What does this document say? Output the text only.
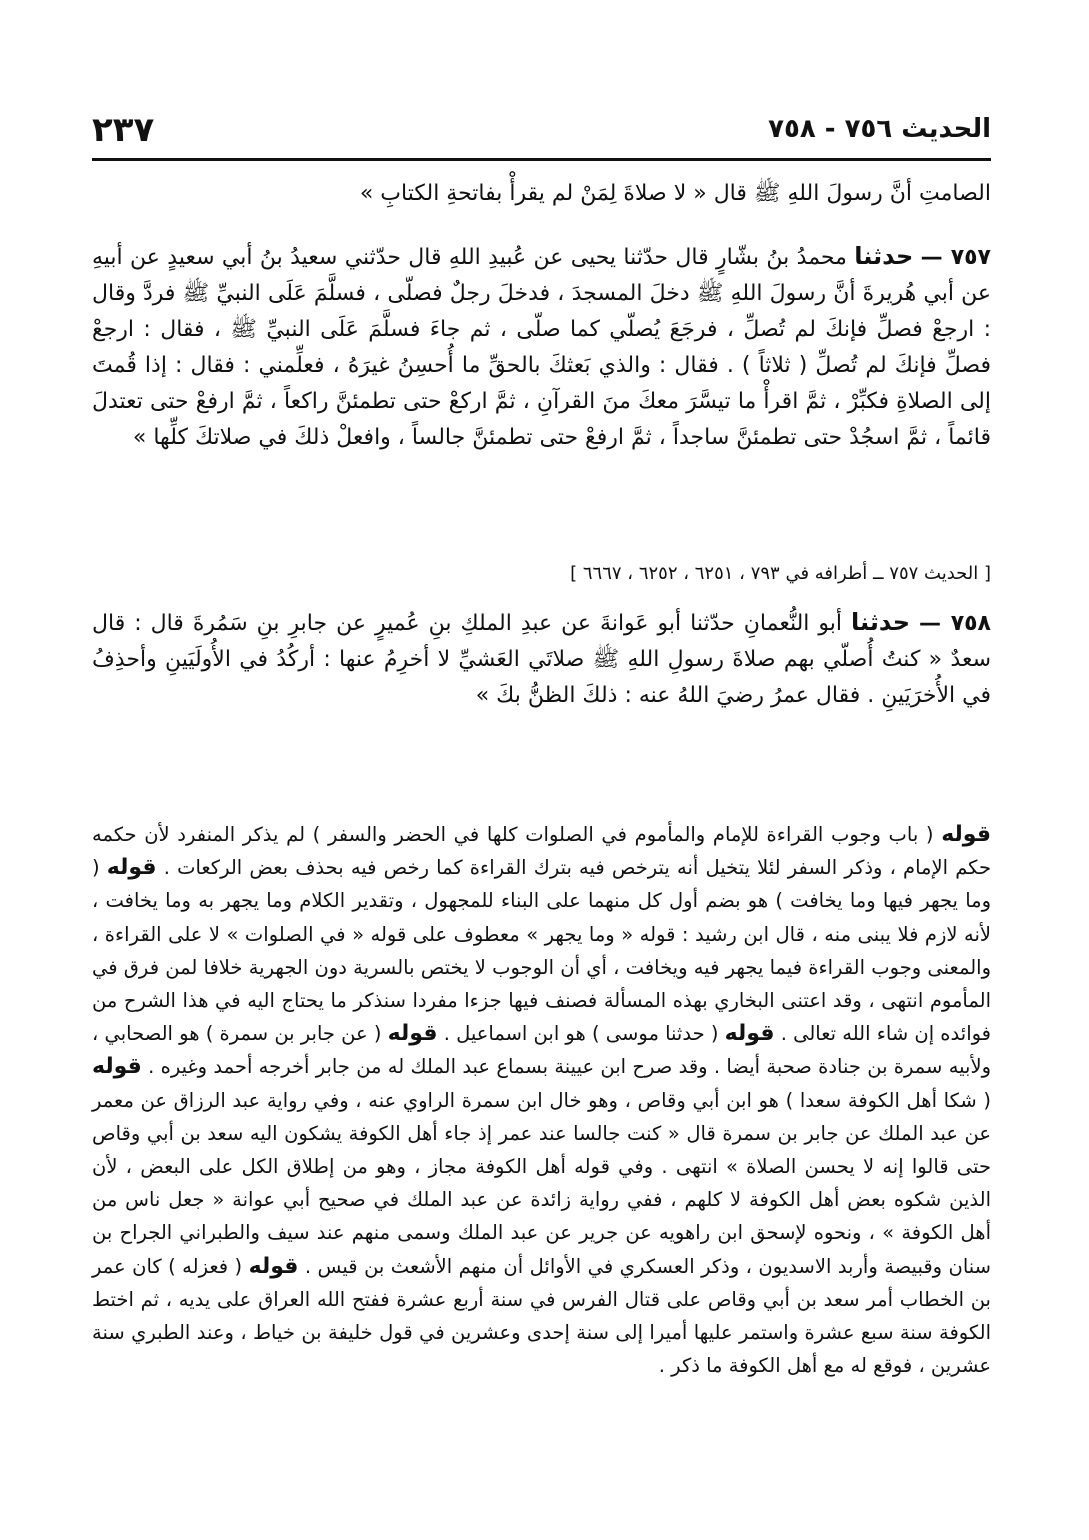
الحديث ٧٥٦ - ٧٥٨
٢٣٧
الصامتِ أنَّ رسولَ اللهِ ﷺ قال « لا صلاةَ لِمَنْ لم يقرأْ بفاتحةِ الكتابِ »
٧٥٧ — حدثنا محمدُ بنُ بشّارٍ قال حدّثنا يحيى عن عُبيدِ اللهِ قال حدّثني سعيدُ بنُ أبي سعيدٍ عن أبيهِ عن أبي هُريرةَ أنَّ رسولَ اللهِ ﷺ دخلَ المسجدَ ، فدخلَ رجلٌ فصلّى ، فسلَّمَ عَلَى النبيِّ ﷺ فردَّ وقال : ارجعْ فصلِّ فإنكَ لم تُصلِّ ، فرجَعَ يُصلّي كما صلّى ، ثم جاءَ فسلَّمَ عَلَى النبيِّ ﷺ ، فقال : ارجعْ فصلِّ فإنكَ لم تُصلِّ ( ثلاثاً ) . فقال : والذي بَعثكَ بالحقِّ ما أُحسِنُ غيرَهُ ، فعلِّمني : فقال : إذا قُمتَ إلى الصلاةِ فكبِّرْ ، ثمَّ اقرأْ ما تيسَّرَ معكَ منَ القرآنِ ، ثمَّ اركعْ حتى تطمئنَّ راكعاً ، ثمَّ ارفعْ حتى تعتدلَ قائماً ، ثمَّ اسجُدْ حتى تطمئنَّ ساجداً ، ثمَّ ارفعْ حتى تطمئنَّ جالساً ، وافعلْ ذلكَ في صلاتكَ كلِّها »
[ الحديث ٧٥٧ ــ أطرافه في ٧٩٣ ، ٦٢٥١ ، ٦٢٥٢ ، ٦٦٦٧ ]
٧٥٨ — حدثنا أبو النُّعمانِ حدّثنا أبو عَوانةَ عن عبدِ الملكِ بنِ عُميرٍ عن جابرِ بنِ سَمُرةَ قال : قال سعدٌ « كنتُ أُصلّي بهم صلاةَ رسولِ اللهِ ﷺ صلاتَي العَشيِّ لا أخرِمُ عنها : أركُدُ في الأُولَيَينِ وأحذِفُ في الأُخرَيَينِ . فقال عمرُ رضيَ اللهُ عنه : ذلكَ الظنُّ بكَ »
قوله ( باب وجوب القراءة للإمام والمأموم في الصلوات كلها في الحضر والسفر ) لم يذكر المنفرد لأن حكمه حكم الإمام ، وذكر السفر لئلا يتخيل أنه يترخص فيه بترك القراءة كما رخص فيه بحذف بعض الركعات . قوله ( وما يجهر فيها وما يخافت ) هو بضم أول كل منهما على البناء للمجهول ، وتقدير الكلام وما يجهر به وما يخافت ، لأنه لازم فلا يبنى منه ، قال ابن رشيد : قوله « وما يجهر » معطوف على قوله « في الصلوات » لا على القراءة ، والمعنى وجوب القراءة فيما يجهر فيه ويخافت ، أي أن الوجوب لا يختص بالسرية دون الجهرية خلافا لمن فرق في المأموم انتهى ، وقد اعتنى البخاري بهذه المسألة فصنف فيها جزءا مفردا سنذكر ما يحتاج اليه في هذا الشرح من فوائده إن شاء الله تعالى . قوله ( حدثنا موسى ) هو ابن اسماعيل . قوله ( عن جابر بن سمرة ) هو الصحابي ، ولأبيه سمرة بن جنادة صحبة أيضا . وقد صرح ابن عيينة بسماع عبد الملك له من جابر أخرجه أحمد وغيره . قوله ( شكا أهل الكوفة سعدا ) هو ابن أبي وقاص ، وهو خال ابن سمرة الراوي عنه ، وفي رواية عبد الرزاق عن معمر عن عبد الملك عن جابر بن سمرة قال « كنت جالسا عند عمر إذ جاء أهل الكوفة يشكون اليه سعد بن أبي وقاص حتى قالوا إنه لا يحسن الصلاة » انتهى . وفي قوله أهل الكوفة مجاز ، وهو من إطلاق الكل على البعض ، لأن الذين شكوه بعض أهل الكوفة لا كلهم ، ففي رواية زائدة عن عبد الملك في صحيح أبي عوانة « جعل ناس من أهل الكوفة » ، ونحوه لإسحق ابن راهويه عن جرير عن عبد الملك وسمى منهم عند سيف والطبراني الجراح بن سنان وقبيصة وأربد الاسديون ، وذكر العسكري في الأوائل أن منهم الأشعث بن قيس . قوله ( فعزله ) كان عمر بن الخطاب أمر سعد بن أبي وقاص على قتال الفرس في سنة أربع عشرة ففتح الله العراق على يديه ، ثم اختط الكوفة سنة سبع عشرة واستمر عليها أميرا إلى سنة إحدى وعشرين في قول خليفة بن خياط ، وعند الطبري سنة عشرين ، فوقع له مع أهل الكوفة ما ذكر .
